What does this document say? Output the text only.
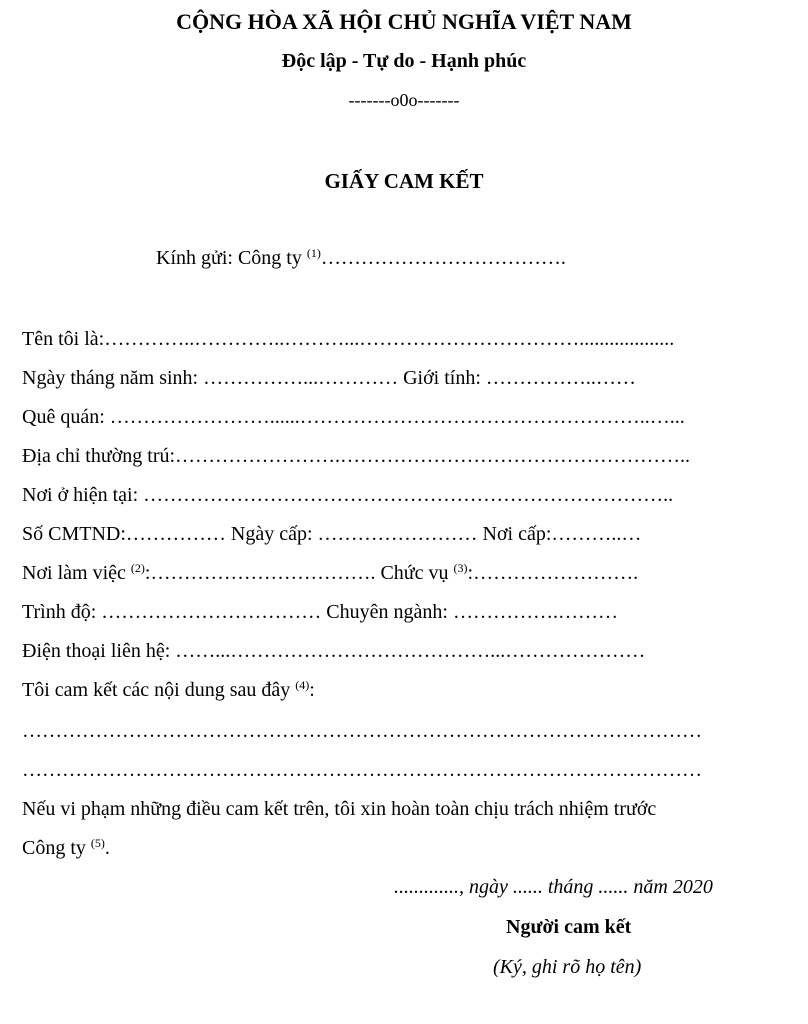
CỘNG HÒA XÃ HỘI CHỦ NGHĨA VIỆT NAM
Độc lập - Tự do - Hạnh phúc
-------o0o-------
GIẤY CAM KẾT
Kính gửi: Công ty $^{(1)}$……………………………….
Tên tôi là:…………..…………..………...……………………………...................
Ngày tháng năm sinh: ……………...………… Giới tính: ……………..……
Quê quán: ……………………......……………………………………………..…...
Địa chỉ thường trú:…………………….……………………………………………..
Nơi ở hiện tại: ……………………………………………………………………..
Số CMTND:…………… Ngày cấp: …………………… Nơi cấp:………..…
Nơi làm việc $^{(2)}$:……………………………. Chức vụ $^{(3)}$:…………………….
Trình độ: …………………………… Chuyên ngành: …………….………
Điện thoại liên hệ: ……...…………………………………...…………………
Tôi cam kết các nội dung sau đây $^{(4)}$:
…………………………………………………………………………………………
…………………………………………………………………………………………
Nếu vi phạm những điều cam kết trên, tôi xin hoàn toàn chịu trách nhiệm trước
Công ty $^{(5)}$.
............., ngày ...... tháng ...... năm 2020
Người cam kết
(Ký, ghi rõ họ tên)
